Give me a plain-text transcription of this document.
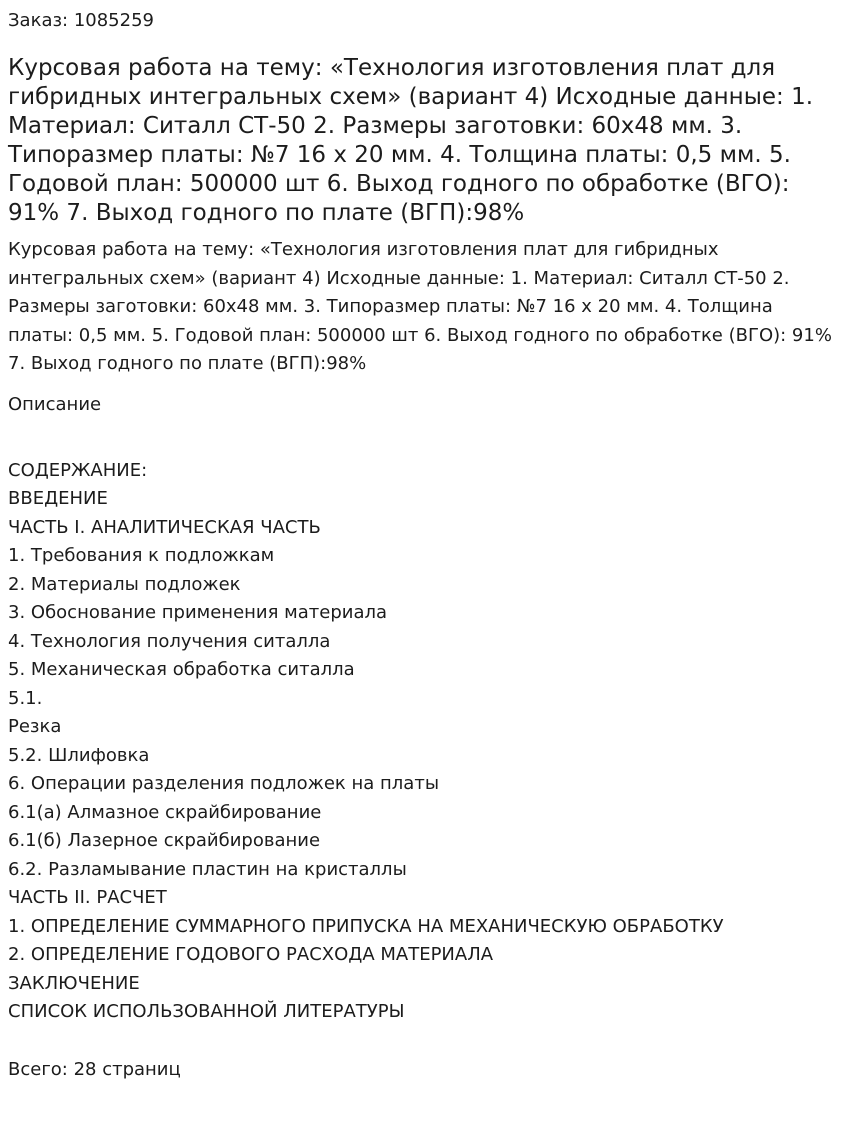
Заказ: 1085259
Курсовая работа на тему: «Технология изготовления плат для гибридных интегральных схем» (вариант 4) Исходные данные: 1. Материал: Ситалл СТ-50 2. Размеры заготовки: 60х48 мм. 3. Типоразмер платы: №7 16 х 20 мм. 4. Толщина платы: 0,5 мм. 5. Годовой план: 500000 шт 6. Выход годного по обработке (ВГО): 91% 7. Выход годного по плате (ВГП):98%
Курсовая работа на тему: «Технология изготовления плат для гибридных интегральных схем» (вариант 4) Исходные данные: 1. Материал: Ситалл СТ-50 2. Размеры заготовки: 60х48 мм. 3. Типоразмер платы: №7 16 х 20 мм. 4. Толщина платы: 0,5 мм. 5. Годовой план: 500000 шт 6. Выход годного по обработке (ВГО): 91% 7. Выход годного по плате (ВГП):98%
Описание
СОДЕРЖАНИЕ:
ВВЕДЕНИЕ
ЧАСТЬ I. АНАЛИТИЧЕСКАЯ ЧАСТЬ
1. Требования к подложкам
2. Материалы подложек
3. Обоснование применения материала
4. Технология получения ситалла
5. Механическая обработка ситалла
5.1.
Резка
5.2. Шлифовка
6. Операции разделения подложек на платы
6.1(а) Алмазное скрайбирование
6.1(б) Лазерное скрайбирование
6.2. Разламывание пластин на кристаллы
ЧАСТЬ II. РАСЧЕТ
1. ОПРЕДЕЛЕНИЕ СУММАРНОГО ПРИПУСКА НА МЕХАНИЧЕСКУЮ ОБРАБОТКУ
2. ОПРЕДЕЛЕНИЕ ГОДОВОГО РАСХОДА МАТЕРИАЛА
ЗАКЛЮЧЕНИЕ
СПИСОК ИСПОЛЬЗОВАННОЙ ЛИТЕРАТУРЫ
Всего: 28 страниц
